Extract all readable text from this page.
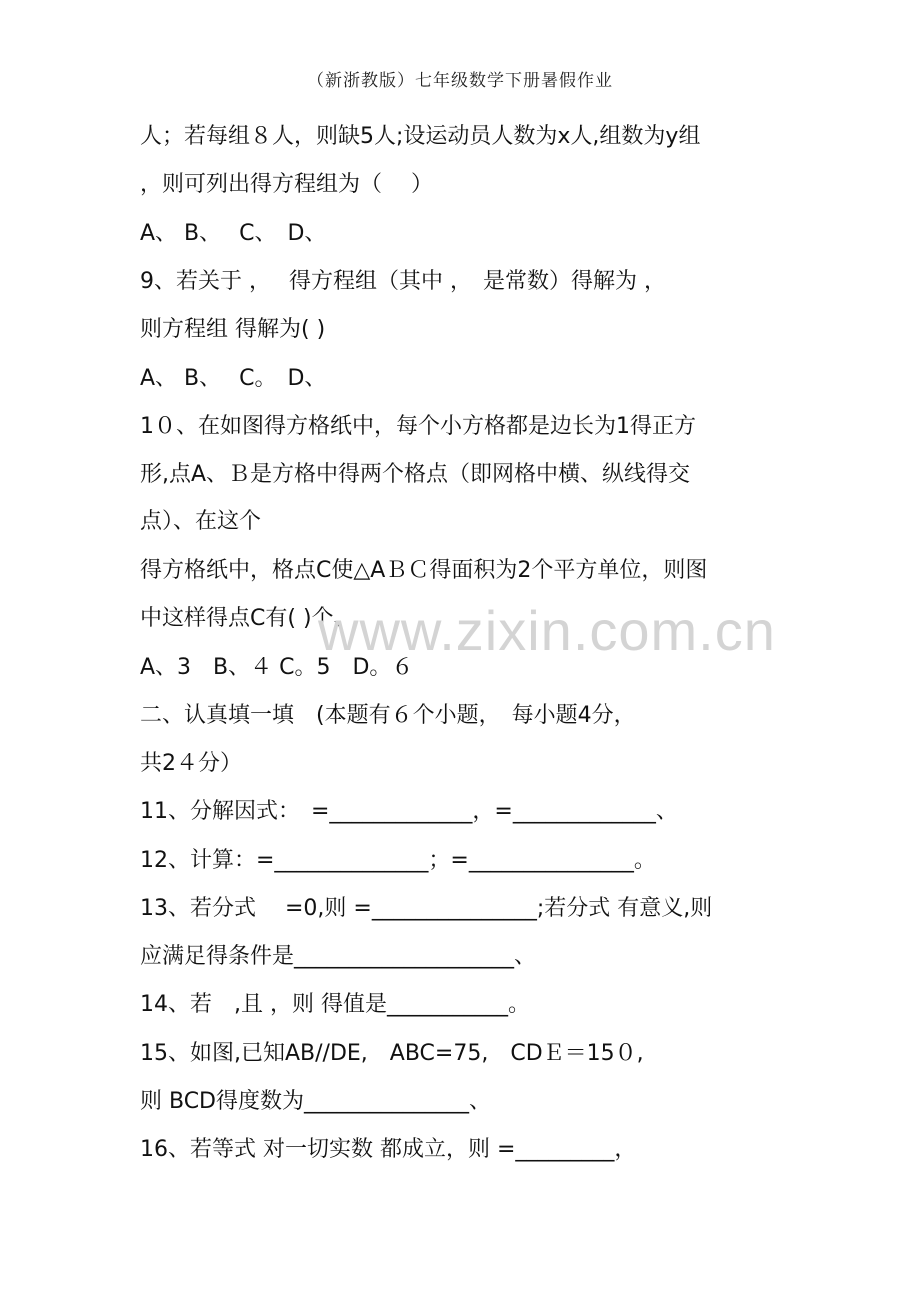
（新浙教版）七年级数学下册暑假作业
人；若每组８人，则缺5人;设运动员人数为x人,组数为y组
，则可列出得方程组为（　 ）
A、 B、　 C、　D、
9、若关于 ，　 得方程组（其中 ，　是常数）得解为 ，
则方程组 得解为( )
A、 B、　 C。　D、
1０、在如图得方格纸中，每个小方格都是边长为1得正方
形,点A、Ｂ是方格中得两个格点（即网格中横、纵线得交
点）、在这个
得方格纸中，格点C使△AＢＣ得面积为2个平方单位，则图
中这样得点C有( )个、
A、3　B、４ C。5　D。６
二、认真填一填　(本题有６个小题，　每小题4分，
共2４分）
11、分解因式：　=_____________，=_____________、
12、计算：=______________；=_______________。
13、若分式　 =0,则 =_______________;若分式 有意义,则
应满足得条件是____________________、
14、若　,且 ，则 得值是___________。
15、如图,已知AB//DE,　ABC=75,　CDＥ＝15０,
则 BCD得度数为_______________、
16、若等式 对一切实数 都成立，则 =_________，
www.zixin.com.cn
